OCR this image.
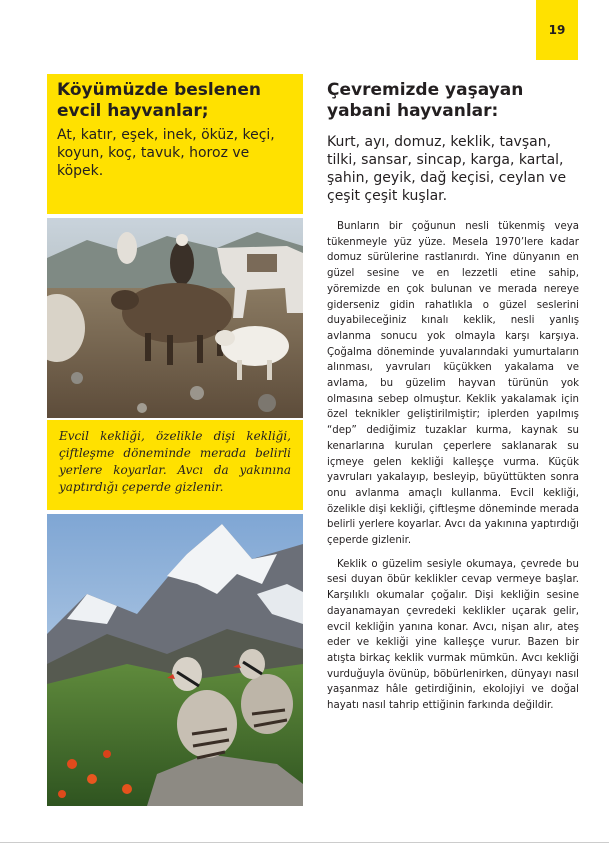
19
Köyümüzde beslenen evcil hayvanlar;

At, katır, eşek, inek, öküz, keçi, koyun, koç, tavuk, horoz ve köpek.

Evcil kekliği, özelikle dişi kekliği, çiftleşme döneminde merada belirli yerlere koyarlar. Avcı da yakınına yaptırdığı çeperde gizlenir.
Çevremizde yaşayan yabani hayvanlar:

Kurt, ayı, domuz, keklik, tavşan, tilki, sansar, sincap, karga, kartal, şahin, geyik, dağ keçisi, ceylan ve çeşit çeşit kuşlar.

Bunların bir çoğunun nesli tükenmiş veya tükenmeyle yüz yüze. Mesela 1970’lere kadar domuz sürülerine rastlanırdı. Yine dünyanın en güzel sesine ve en lezzetli etine sahip, yöremizde en çok bulunan ve merada nereye giderseniz gidin rahatlıkla o güzel seslerini duyabileceğiniz kınalı keklik, nesli yanlış avlanma sonucu yok olmayla karşı karşıya. Çoğalma döneminde yuvalarındaki yumurtaların alınması, yavruları küçükken yakalama ve avlama, bu güzelim hayvan türünün yok olmasına sebep olmuştur. Keklik yakalamak için özel teknikler geliştirilmiştir; iplerden yapılmış “dep” dediğimiz tuzaklar kurma, kaynak su kenarlarına kurulan çeperlere saklanarak su içmeye gelen kekliği kalleşçe vurma. Küçük yavruları yakalayıp, besleyip, büyüttükten sonra onu avlanma amaçlı kullanma. Evcil kekliği, özelikle dişi kekliği, çiftleşme döneminde merada belirli yerlere koyarlar. Avcı da yakınına yaptırdığı çeperde gizlenir.

Keklik o güzelim sesiyle okumaya, çevrede bu sesi duyan öbür keklikler cevap vermeye başlar. Karşılıklı okumalar çoğalır. Dişi kekliğin sesine dayanamayan çevredeki keklikler uçarak gelir, evcil kekliğin yanına konar. Avcı, nişan alır, ateş eder ve kekliği yine kalleşçe vurur. Bazen bir atışta birkaç keklik vurmak mümkün. Avcı kekliği vurduğuyla övünüp, böbürlenirken, dünyayı nasıl yaşanmaz hâle getirdiğinin, ekolojiyi ve doğal hayatı nasıl tahrip ettiğinin farkında değildir.
